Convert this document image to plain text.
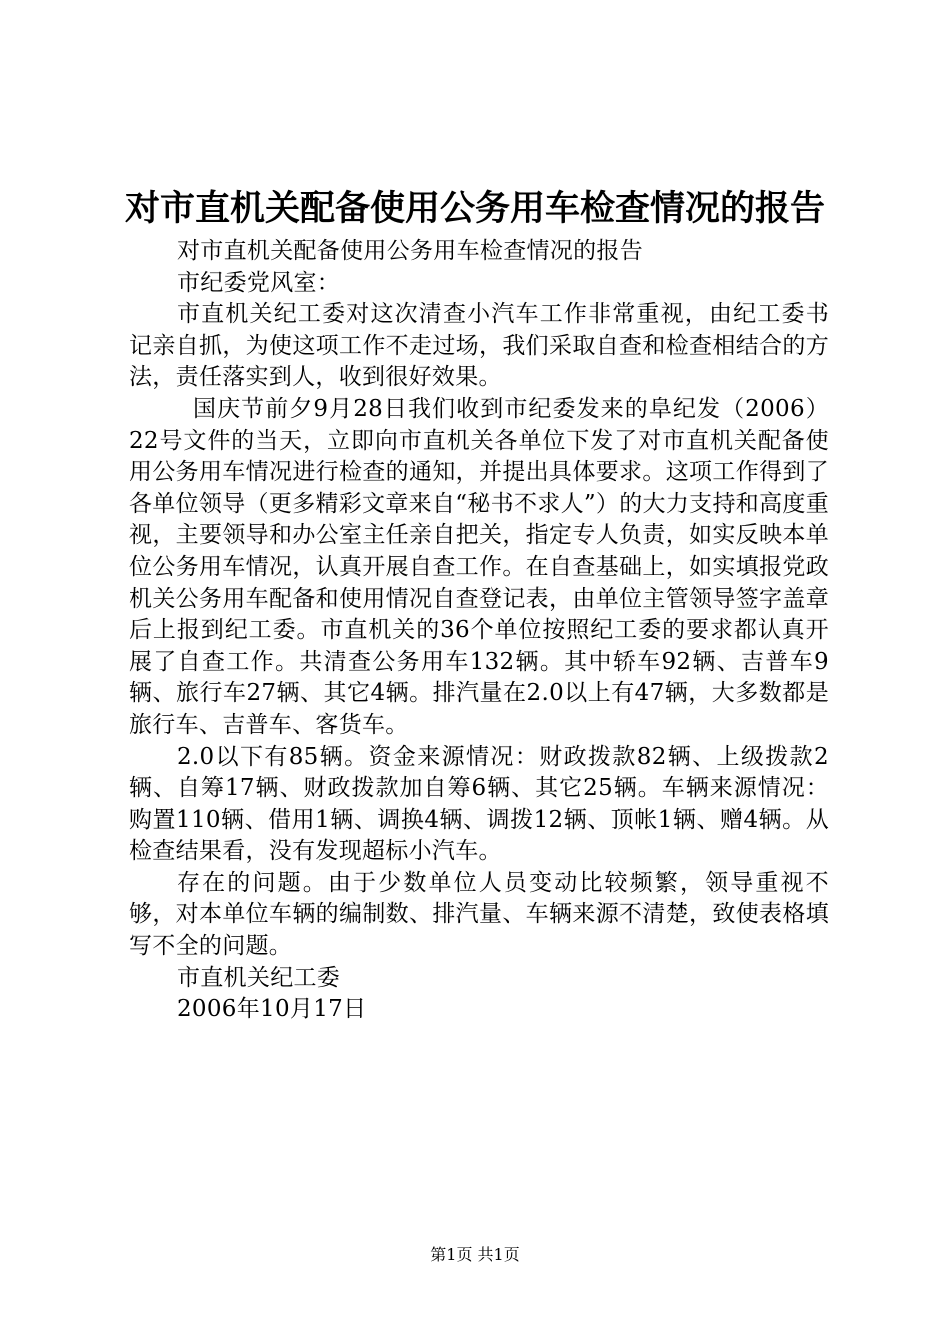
对市直机关配备使用公务用车检查情况的报告

对市直机关配备使用公务用车检查情况的报告

市纪委党风室：

市直机关纪工委对这次清查小汽车工作非常重视，由纪工委书记亲自抓，为使这项工作不走过场，我们采取自查和检查相结合的方法，责任落实到人，收到很好效果。

国庆节前夕9月28日我们收到市纪委发来的阜纪发（2006）22号文件的当天，立即向市直机关各单位下发了对市直机关配备使用公务用车情况进行检查的通知，并提出具体要求。这项工作得到了各单位领导（更多精彩文章来自“秘书不求人”）的大力支持和高度重视，主要领导和办公室主任亲自把关，指定专人负责，如实反映本单位公务用车情况，认真开展自查工作。在自查基础上，如实填报党政机关公务用车配备和使用情况自查登记表，由单位主管领导签字盖章后上报到纪工委。市直机关的36个单位按照纪工委的要求都认真开展了自查工作。共清查公务用车132辆。其中轿车92辆、吉普车9辆、旅行车27辆、其它4辆。排汽量在2.0以上有47辆，大多数都是旅行车、吉普车、客货车。

2.0以下有85辆。资金来源情况：财政拨款82辆、上级拨款2辆、自筹17辆、财政拨款加自筹6辆、其它25辆。车辆来源情况：购置110辆、借用1辆、调换4辆、调拨12辆、顶帐1辆、赠4辆。从检查结果看，没有发现超标小汽车。

存在的问题。由于少数单位人员变动比较频繁，领导重视不够，对本单位车辆的编制数、排汽量、车辆来源不清楚，致使表格填写不全的问题。

市直机关纪工委

2006年10月17日

第1页 共1页
